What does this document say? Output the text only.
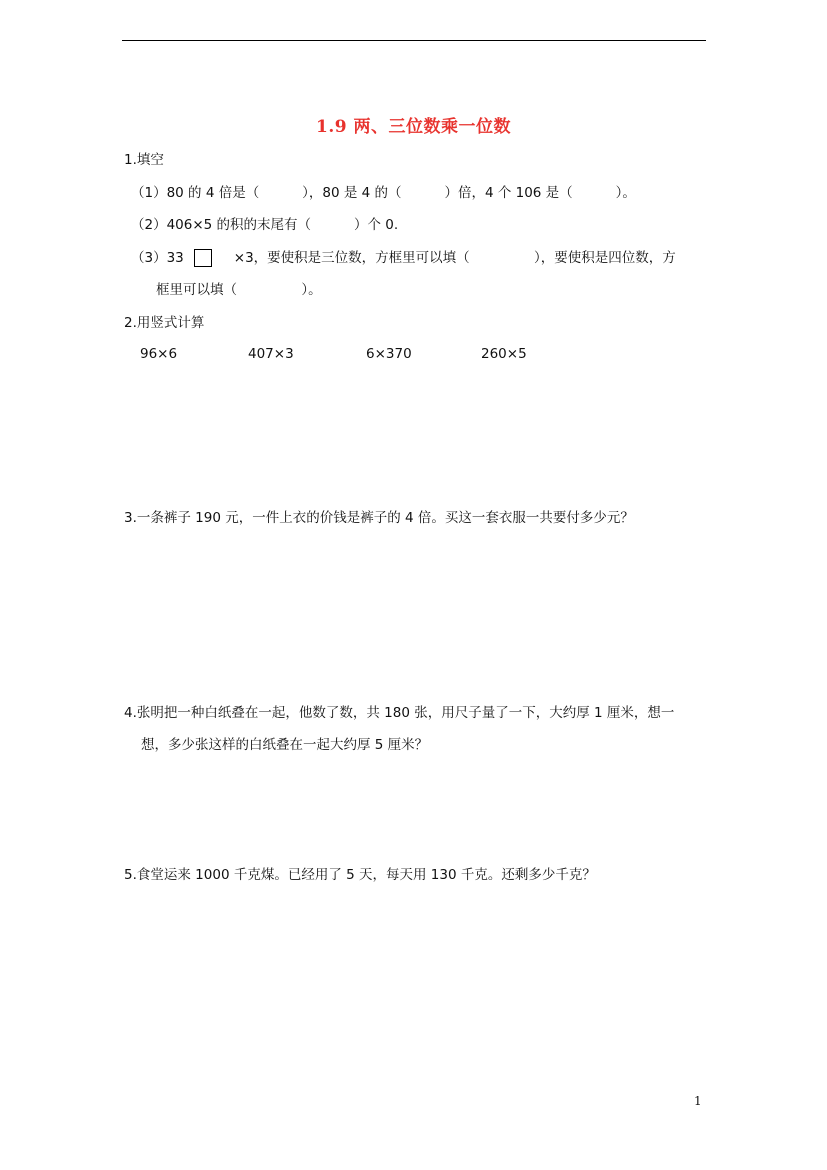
1.9 两、三位数乘一位数
1.填空
（1）80 的 4 倍是（          ），80 是 4 的（          ）倍，4 个 106 是（          ）。
（2）406×5 的积的末尾有（          ）个 0.
（3）33	×3，要使积是三位数，方框里可以填（               ），要使积是四位数，方
框里可以填（               ）。
2.用竖式计算
96×6	407×3	6×370	260×5
3.一条裤子 190 元，一件上衣的价钱是裤子的 4 倍。买这一套衣服一共要付多少元？
4.张明把一种白纸叠在一起，他数了数，共 180 张，用尺子量了一下，大约厚 1 厘米，想一
想，多少张这样的白纸叠在一起大约厚 5 厘米？
5.食堂运来 1000 千克煤。已经用了 5 天，每天用 130 千克。还剩多少千克？
1
